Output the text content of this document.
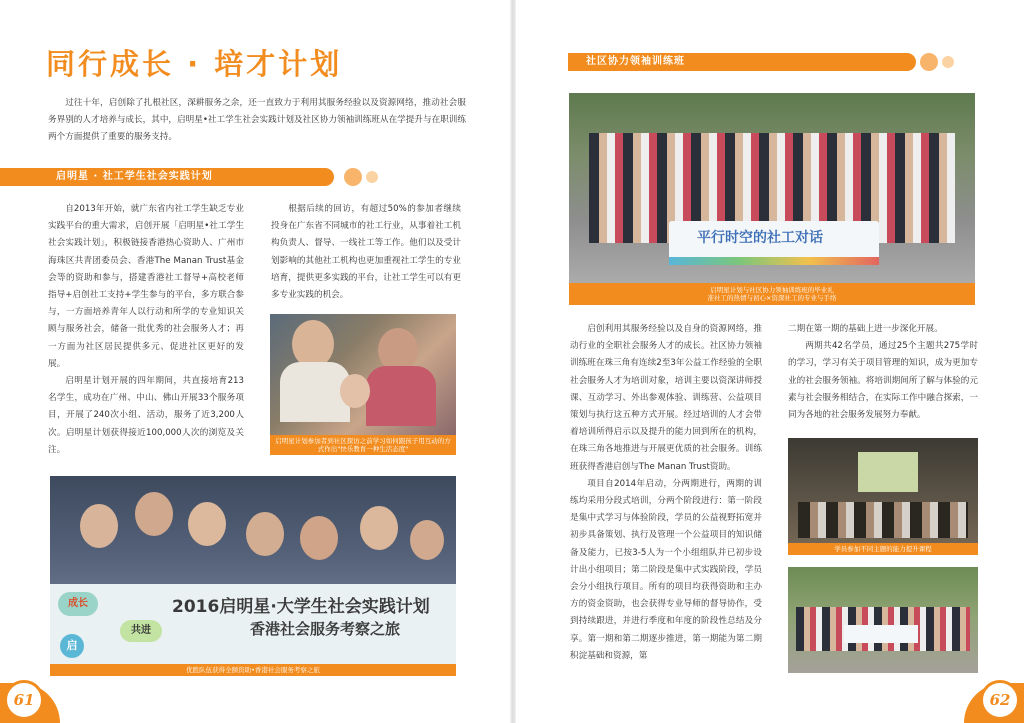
同行成长 · 培才计划

过往十年，启创除了扎根社区，深耕服务之余，还一直致力于利用其服务经验以及资源网络，推动社会服务界别的人才培养与成长，其中，启明星•社工学生社会实践计划及社区协力领袖训练班从在学提升与在职训练两个方面提供了重要的服务支持。

启明星 · 社工学生社会实践计划

自2013年开始，就广东省内社工学生缺乏专业实践平台的重大需求，启创开展「启明星•社工学生社会实践计划」，积极链接香港热心资助人、广州市海珠区共青团委员会、香港The Manan Trust基金会等的资助和参与，搭建香港社工督导+高校老师指导+启创社工支持+学生参与的平台，多方联合参与，一方面培养青年人以行动和所学的专业知识关顾与服务社会，储备一批优秀的社会服务人才；再一方面为社区居民提供多元、促进社区更好的发展。

启明星计划开展的四年期间，共直接培育213名学生，成功在广州、中山、佛山开展33个服务项目，开展了240次小组、活动，服务了近3,200人次。启明星计划获得接近100,000人次的浏览及关注。

根据后续的回访，有超过50%的参加者继续投身在广东省不同城市的社工行业，从事着社工机构负责人、督导、一线社工等工作。他们以及受计划影响的其他社工机构也更加重视社工学生的专业培育，提供更多实践的平台，让社工学生可以有更多专业实践的机会。

启明星计划参加者到社区探访之前学习如何跟孩子用互动的方式作出"快乐教育一种生活态度"
成长
共进
启
2016启明星·大学生社会实践计划
香港社会服务考察之旅
优胜队伍获得全额资助•香港社会服务考察之旅
61
社区协力领袖训练班
平行时空的社工对话
启明星计划与社区协力领袖训练班的毕业礼
准社工的热情与初心×资深社工的专业与手络

启创利用其服务经验以及自身的资源网络，推动行业的全职社会服务人才的成长。社区协力领袖训练班在珠三角有连续2至3年公益工作经验的全职社会服务人才为培训对象，培训主要以资深讲师授课、互动学习、外出参观体验、训练营、公益项目策划与执行这五种方式开展。经过培训的人才会带着培训所得启示以及提升的能力回到所在的机构，在珠三角各地推进与开展更优质的社会服务。训练班获得香港启创与The Manan Trust资助。

项目自2014年启动，分两期进行，两期的训练均采用分段式培训，分两个阶段进行：第一阶段是集中式学习与体验阶段，学员的公益视野拓宽并初步具备策划、执行及管理一个公益项目的知识储备及能力，已按3-5人为一个小组组队并已初步设计出小组项目；第二阶段是集中式实践阶段，学员会分小组执行项目。所有的项目均获得资助和主办方的资金资助，也会获得专业导师的督导协作，受到持续跟进，并进行季度和年度的阶段性总结及分享。第一期和第二期逐步推进，第一期能为第二期积淀基础和资源，第

二期在第一期的基础上进一步深化开展。

两期共42名学员，通过25个主题共275学时的学习，学习有关于项目管理的知识，成为更加专业的社会服务领袖。将培训期间所了解与体验的元素与社会服务相结合，在实际工作中融合探索，一同为各地的社会服务发展努力奉献。

学员参加不同主题的能力提升课程
62
